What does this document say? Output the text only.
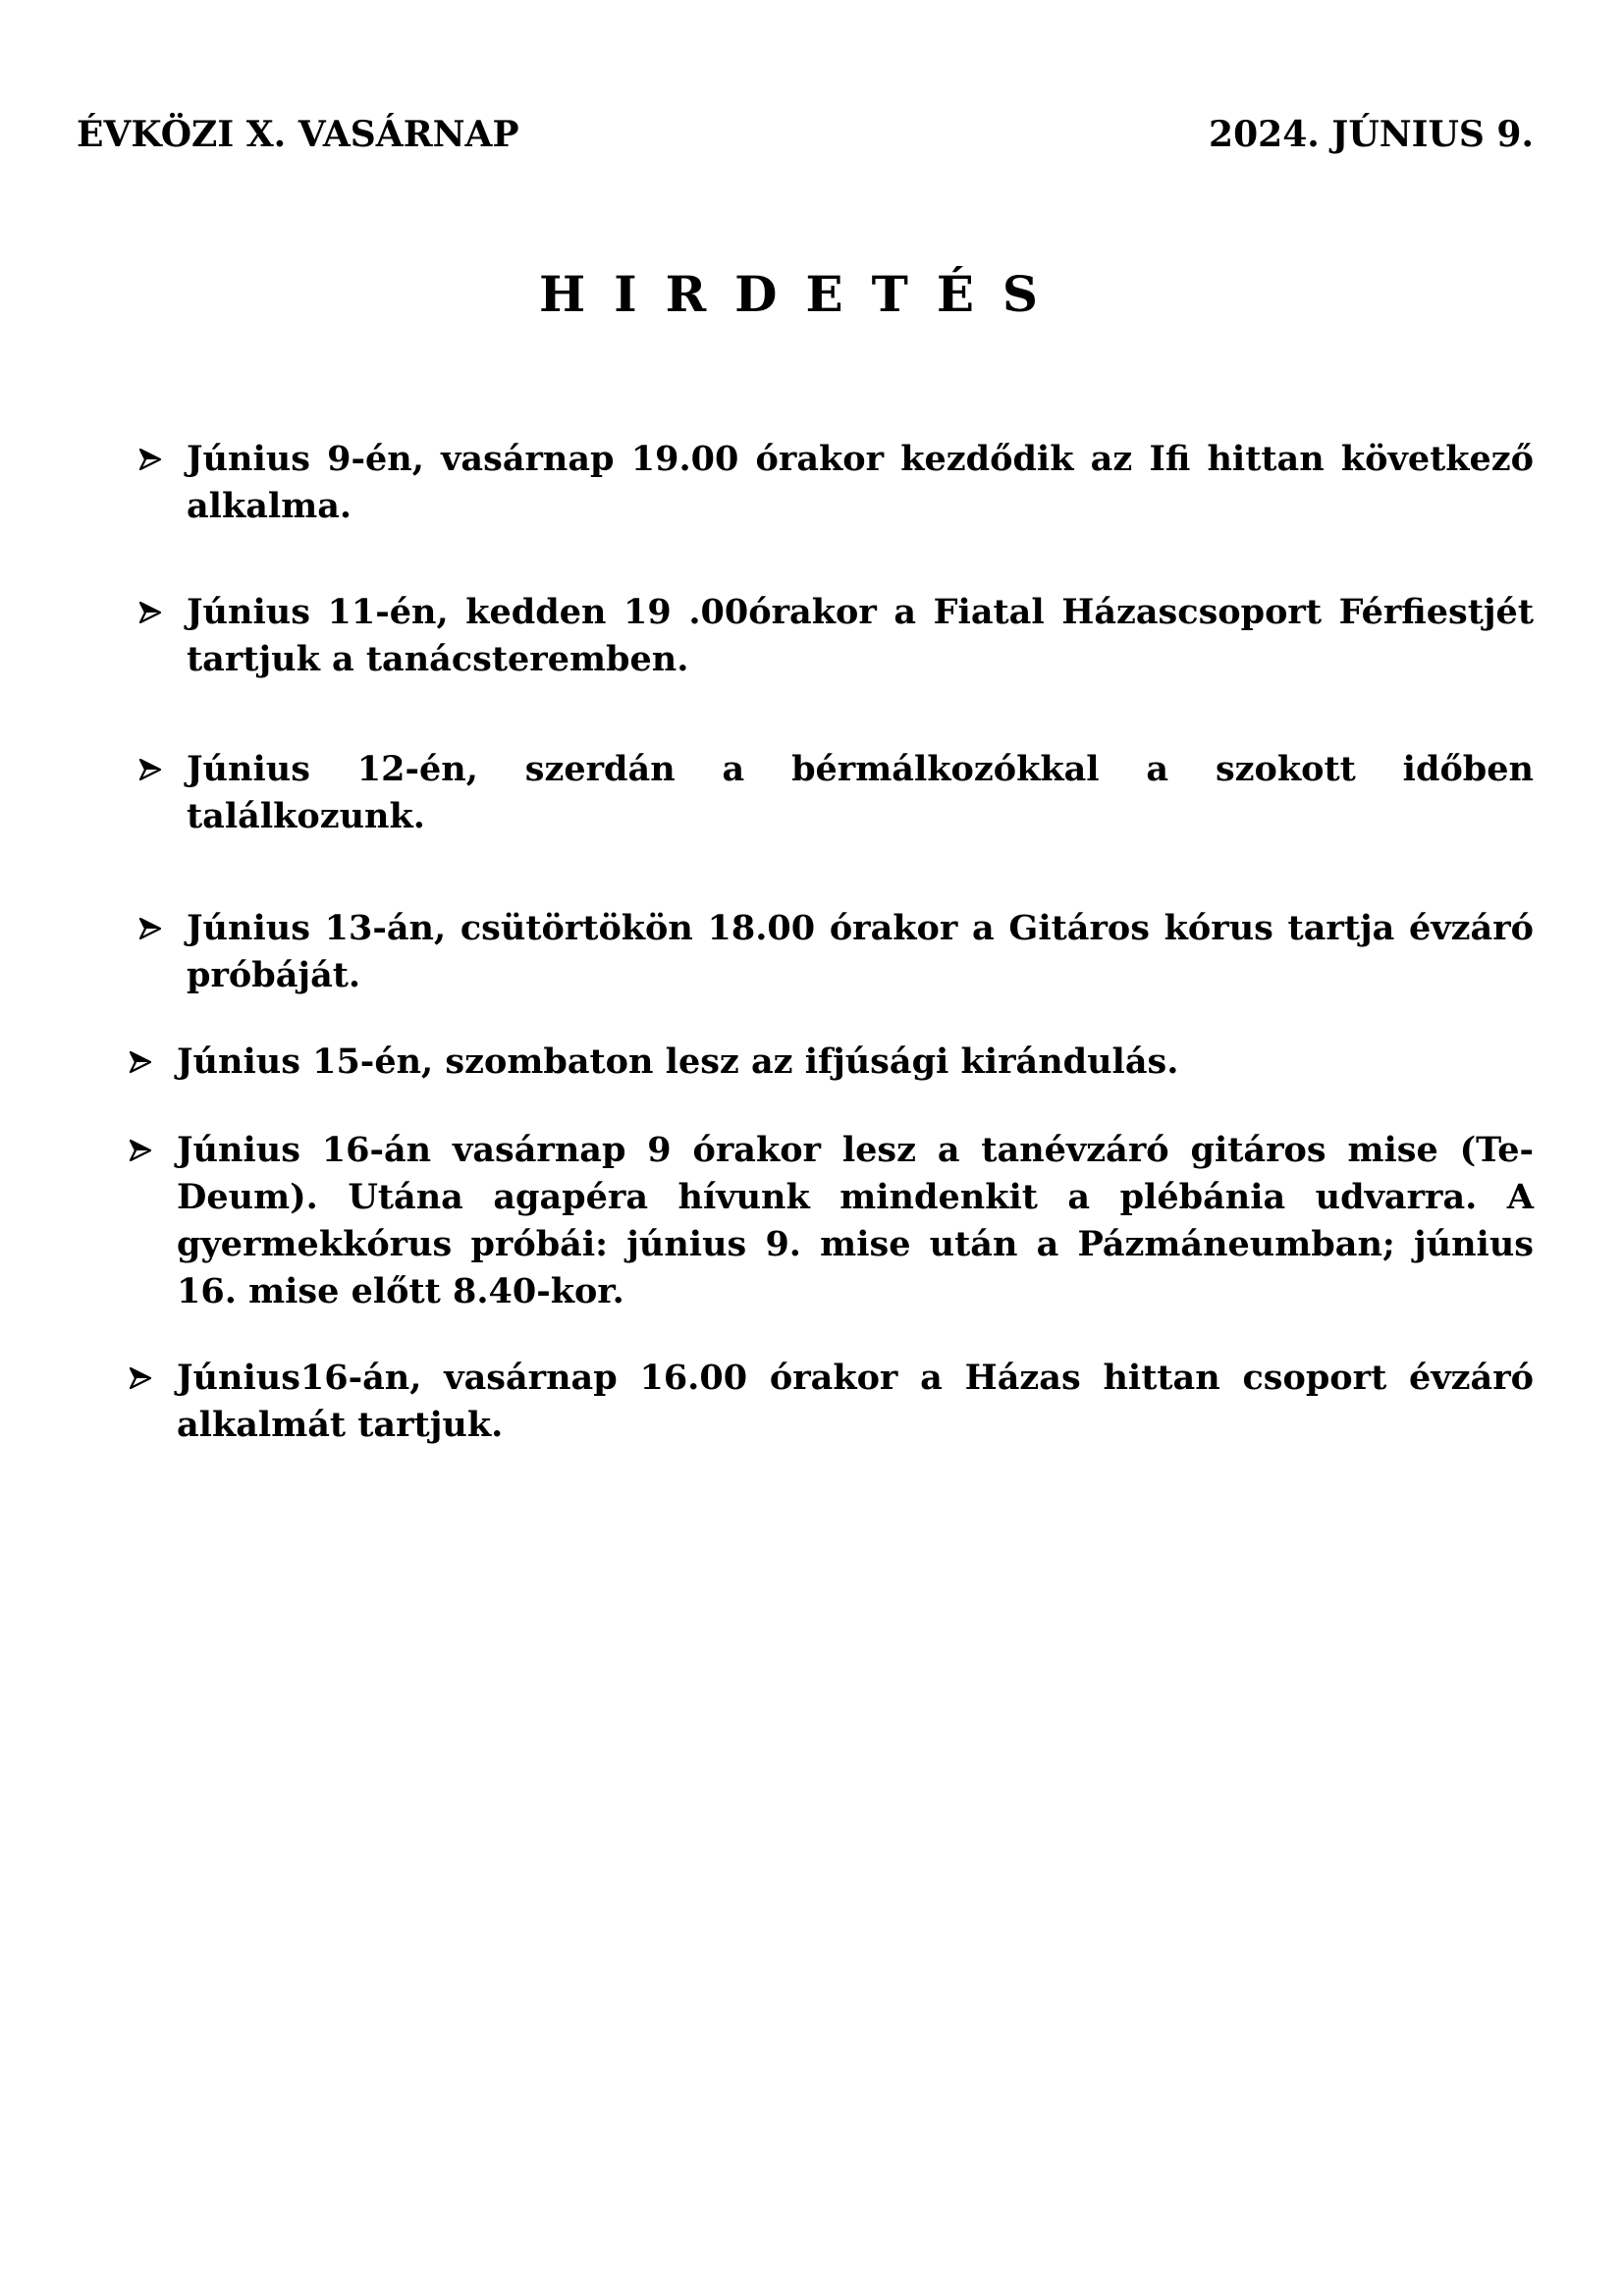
ÉVKÖZI X. VASÁRNAP	2024. JÚNIUS 9.
HIRDETÉS
Június 9-én, vasárnap 19.00 órakor kezdődik az Ifi hittan következő alkalma.
Június 11-én, kedden 19 .00órakor a Fiatal Házascsoport Férfiestjét tartjuk a tanácsteremben.
Június 12-én, szerdán a bérmálkozókkal a szokott időben találkozunk.
Június 13-án, csütörtökön 18.00 órakor a Gitáros kórus tartja évzáró próbáját.
Június 15-én, szombaton lesz az ifjúsági kirándulás.
Június 16-án vasárnap 9 órakor lesz a tanévzáró gitáros mise (Te-Deum). Utána agapéra hívunk mindenkit a plébánia udvarra. A gyermekkórus próbái: június 9. mise után a Pázmáneumban; június 16. mise előtt 8.40-kor.
Június16-án, vasárnap 16.00 órakor a Házas hittan csoport évzáró alkalmát tartjuk.
